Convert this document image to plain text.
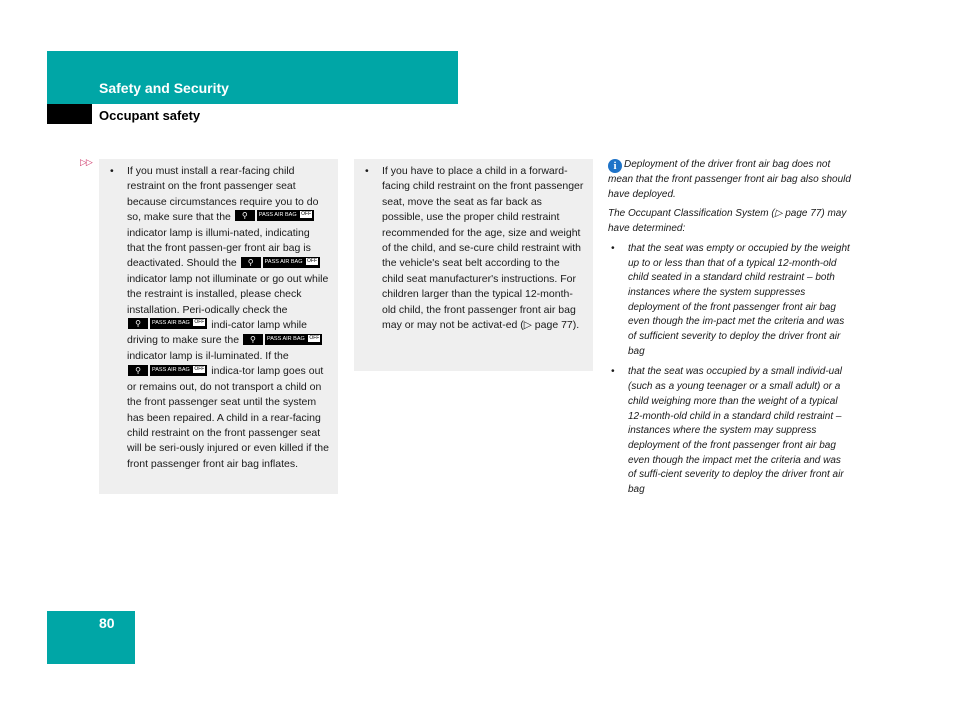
Safety and Security
Occupant safety
▷▷
• If you must install a rear-facing child restraint on the front passenger seat because circumstances require you to do so, make sure that the ⚲ PASS AIR BAG OFF indicator lamp is illumi-nated, indicating that the front passen-ger front air bag is deactivated. Should the ⚲ PASS AIR BAG OFF indicator lamp not illuminate or go out while the restraint is installed, please check installation. Peri-odically check the ⚲ PASS AIR BAG OFF indi-cator lamp while driving to make sure the ⚲ PASS AIR BAG OFF indicator lamp is il-luminated. If the ⚲ PASS AIR BAG OFF indica-tor lamp goes out or remains out, do not transport a child on the front passenger seat until the system has been repaired. A child in a rear-facing child restraint on the front passenger seat will be seri-ously injured or even killed if the front passenger front air bag inflates.
• If you have to place a child in a forward-facing child restraint on the front passenger seat, move the seat as far back as possible, use the proper child restraint recommended for the age, size and weight of the child, and se-cure child restraint with the vehicle's seat belt according to the child seat manufacturer's instructions. For children larger than the typical 12-month-old child, the front passenger front air bag may or may not be activat-ed (▷ page 77).

i Deployment of the driver front air bag does not mean that the front passenger front air bag also should have deployed.

The Occupant Classification System (▷ page 77) may have determined:

• that the seat was empty or occupied by the weight up to or less than that of a typical 12-month-old child seated in a standard child restraint – both instances where the system suppresses deployment of the front passenger front air bag even though the im-pact met the criteria and was of sufficient severity to deploy the driver front air bag
• that the seat was occupied by a small individ-ual (such as a young teenager or a small adult) or a child weighing more than the weight of a typical 12-month-old child in a standard child restraint – instances where the system may suppress deployment of the front passenger front air bag even though the impact met the criteria and was of suffi-cient severity to deploy the driver front air bag
80
